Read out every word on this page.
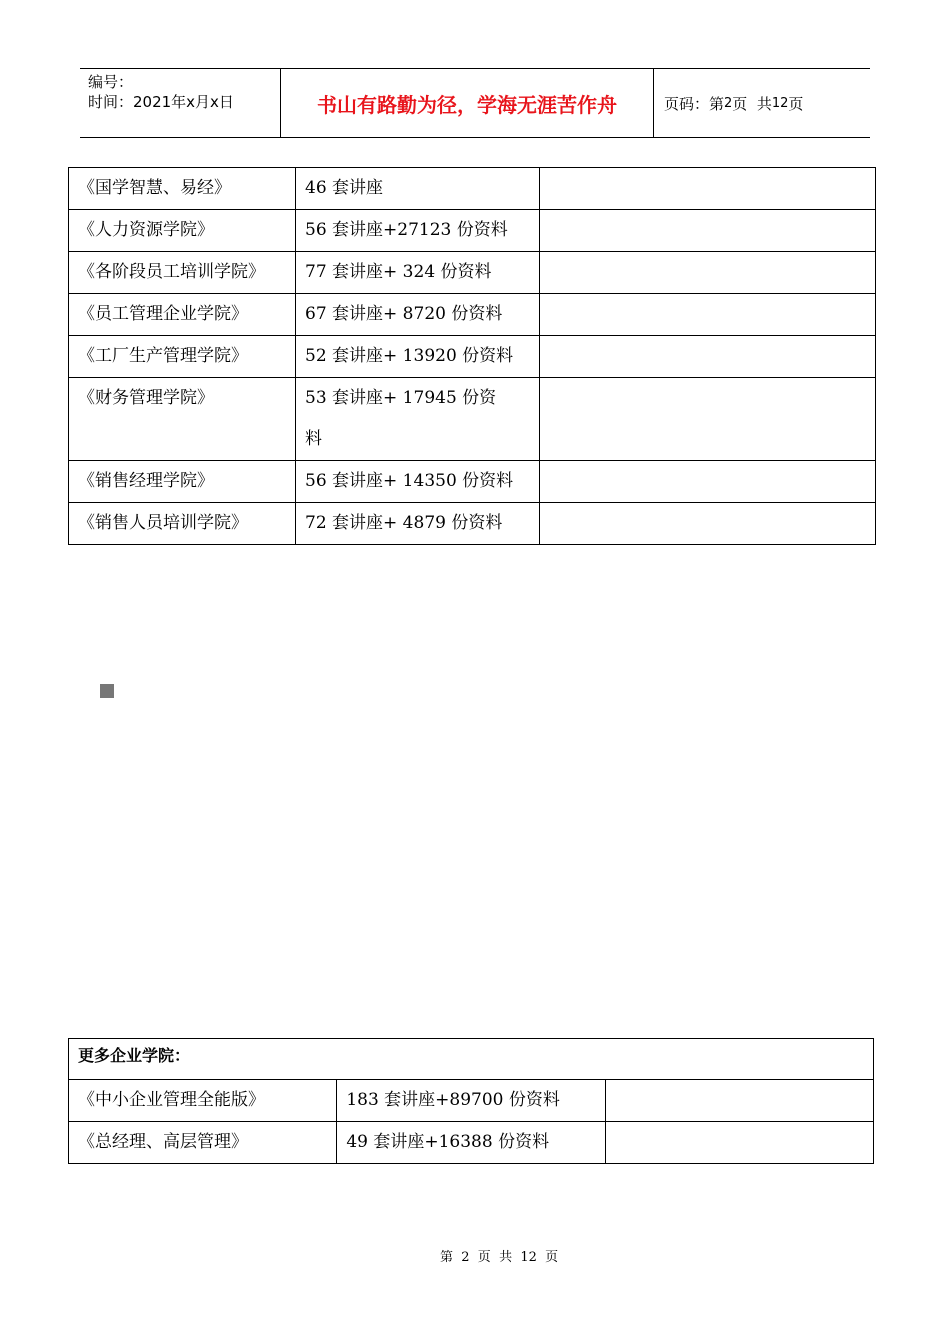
编号：
时间：2021年x月x日	书山有路勤为径，学海无涯苦作舟	页码：第 2 页  共 12 页
《国学智慧、易经》	46 套讲座	
《人力资源学院》	56 套讲座+27123 份资料	
《各阶段员工培训学院》	77 套讲座+ 324 份资料	
《员工管理企业学院》	67 套讲座+ 8720 份资料	
《工厂生产管理学院》	52 套讲座+ 13920 份资料	
《财务管理学院》	53 套讲座+ 17945 份资料	
《销售经理学院》	56 套讲座+ 14350 份资料	
《销售人员培训学院》	72 套讲座+ 4879 份资料	
更多企业学院：		
《中小企业管理全能版》	183 套讲座+89700 份资料	
《总经理、高层管理》	49 套讲座+16388 份资料	
第  2  页  共  12  页
